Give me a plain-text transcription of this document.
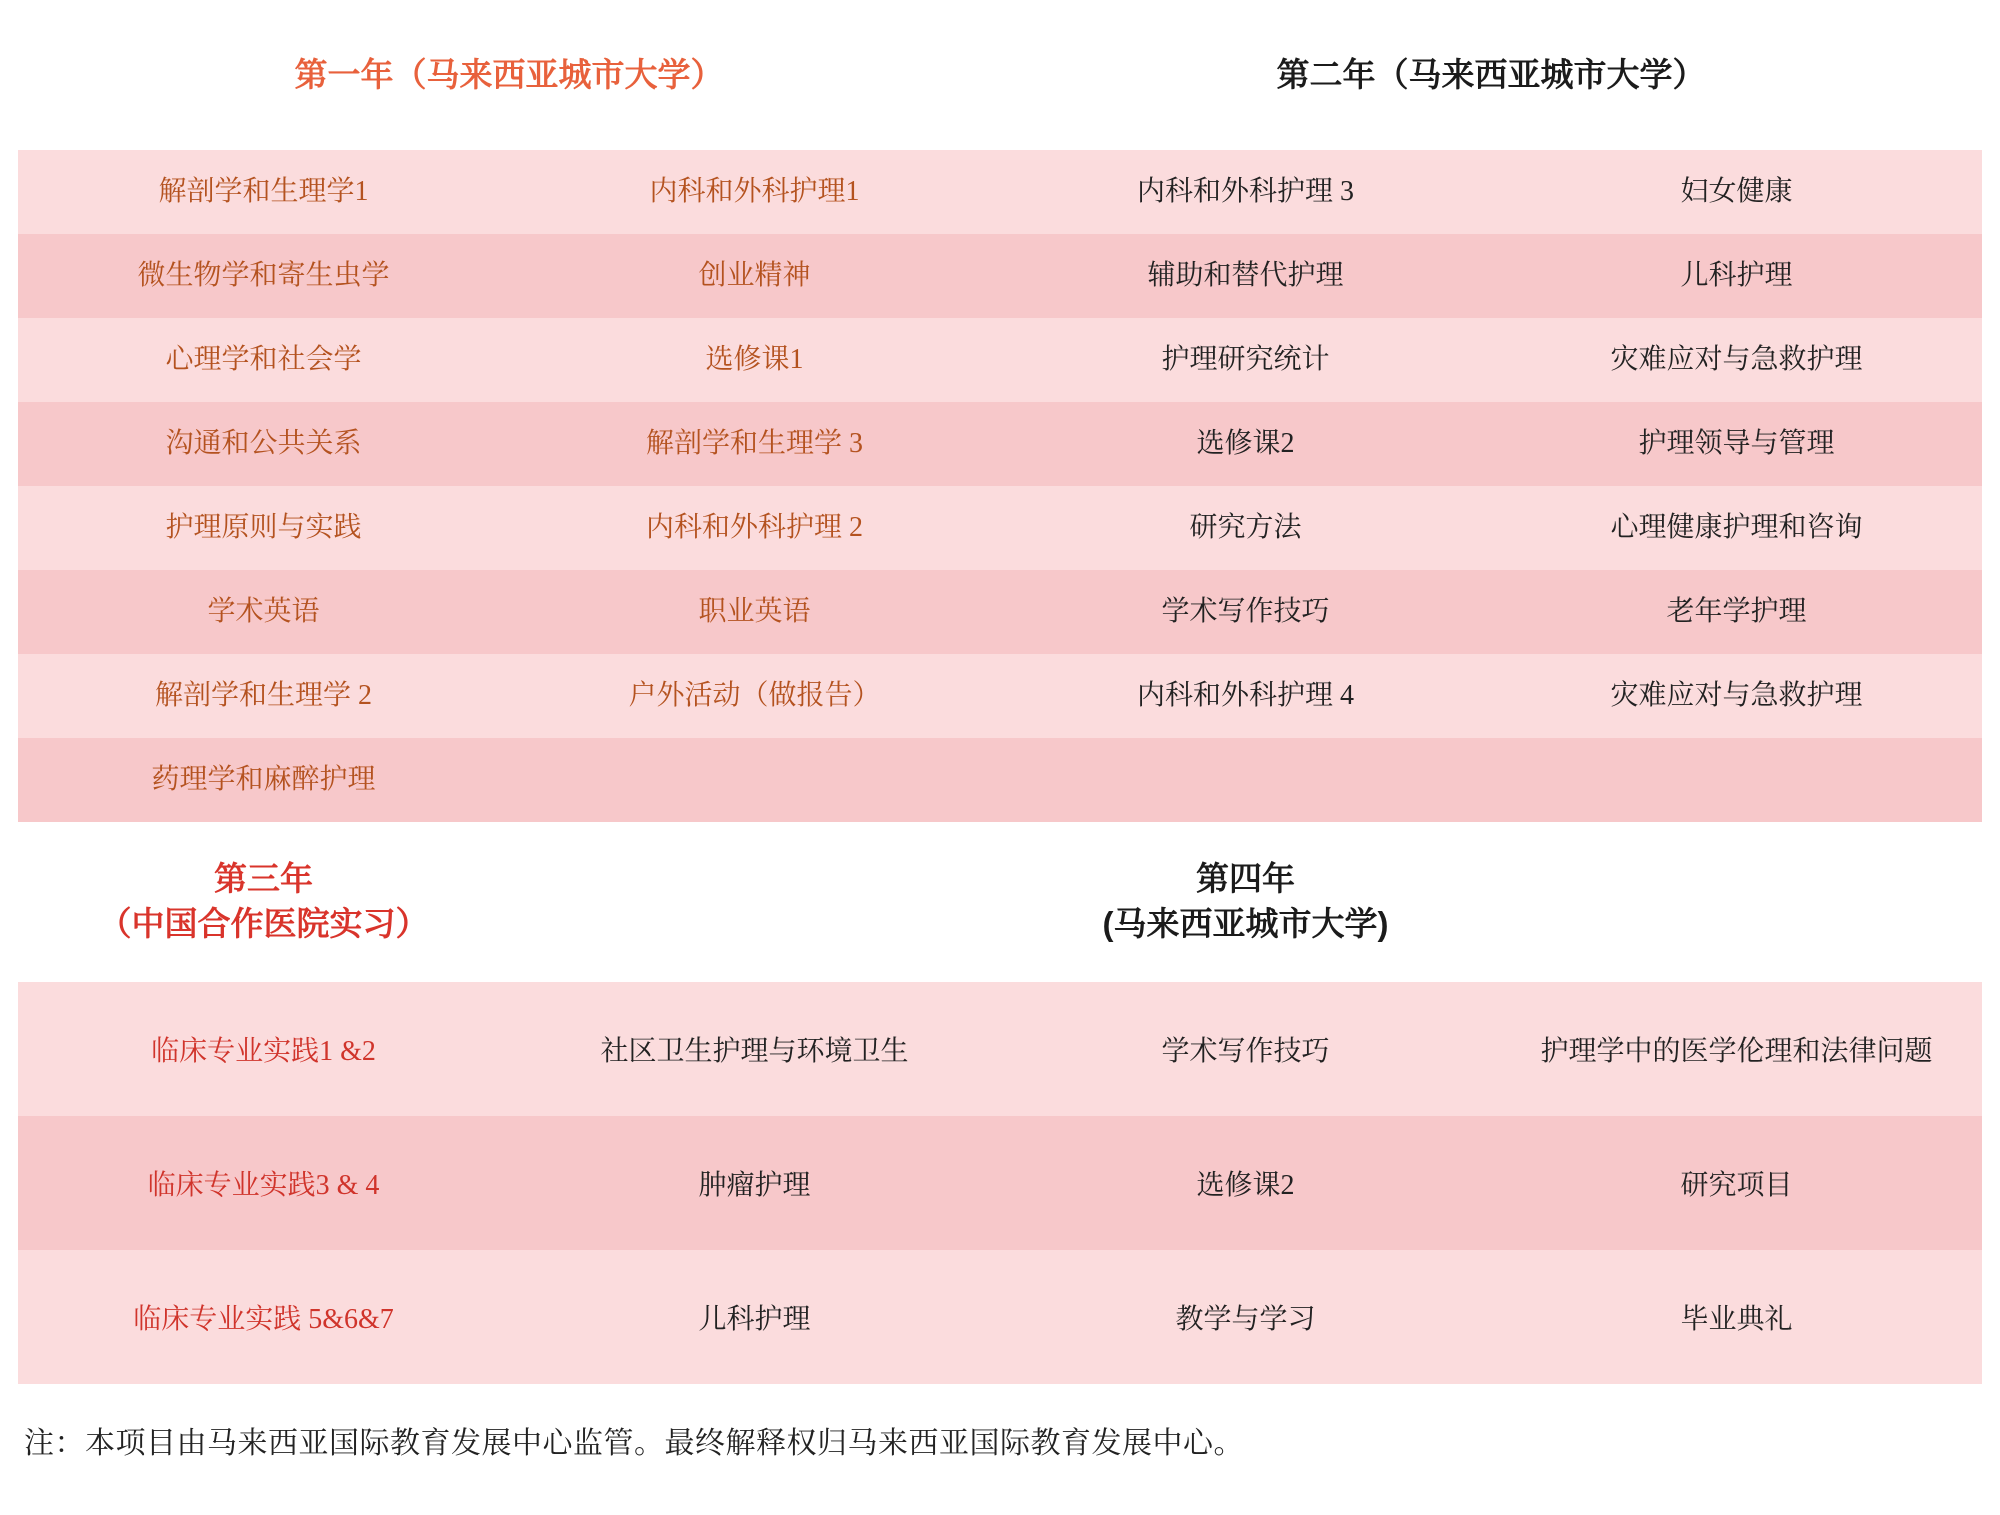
第一年（马来西亚城市大学）		第二年（马来西亚城市大学）	
解剖学和生理学1	内科和外科护理1	内科和外科护理 3	妇女健康
微生物学和寄生虫学	创业精神	辅助和替代护理	儿科护理
心理学和社会学	选修课1	护理研究统计	灾难应对与急救护理
沟通和公共关系	解剖学和生理学 3	选修课2	护理领导与管理
护理原则与实践	内科和外科护理 2	研究方法	心理健康护理和咨询
学术英语	职业英语	学术写作技巧	老年学护理
解剖学和生理学 2	户外活动（做报告）	内科和外科护理 4	灾难应对与急救护理
药理学和麻醉护理			

第三年
（中国合作医院实习）	第四年
(马来西亚城市大学)		

临床专业实践1 &2	社区卫生护理与环境卫生	学术写作技巧	护理学中的医学伦理和法律问题
临床专业实践3 & 4	肿瘤护理	选修课2	研究项目
临床专业实践 5&6&7	儿科护理	教学与学习	毕业典礼
注：本项目由马来西亚国际教育发展中心监管。最终解释权归马来西亚国际教育发展中心。
